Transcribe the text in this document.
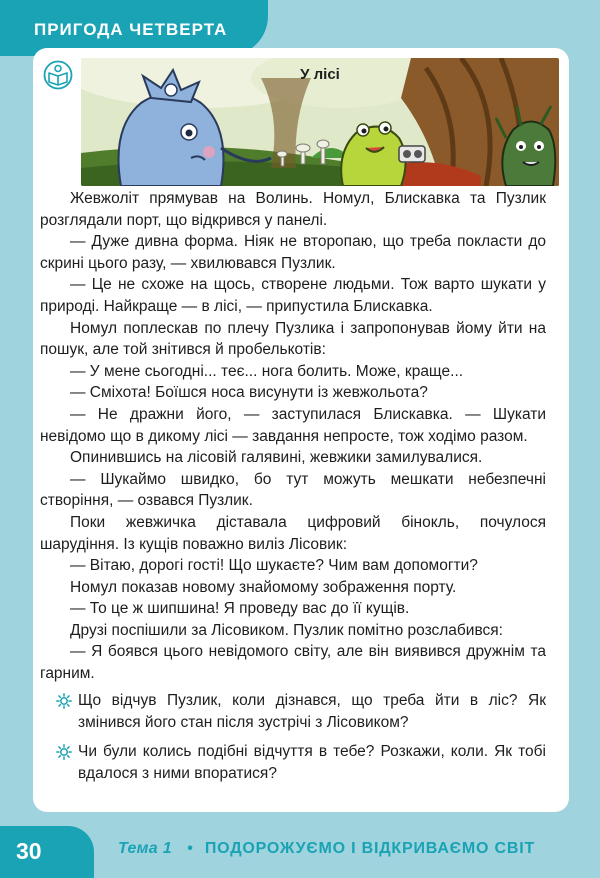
ПРИГОДА ЧЕТВЕРТА
У лісі

Жевжоліт прямував на Волинь. Номул, Блискавка та Пузлик розглядали порт, що відкрився у панелі.

— Дуже дивна форма. Ніяк не второпаю, що треба покласти до скрині цього разу, — хвилювався Пузлик.

— Це не схоже на щось, створене людьми. Тож варто шукати у природі. Найкраще — в лісі, — припустила Блискавка.

Номул поплескав по плечу Пузлика і запропонував йому йти на пошук, але той знітився й пробелькотів:

— У мене сьогодні... теє... нога болить. Може, краще...

— Сміхота! Боїшся носа висунути із жевжольота?

— Не дражни його, — заступилася Блискавка. — Шукати невідомо що в дикому лісі — завдання непросте, тож ходімо разом.

Опинившись на лісовій галявині, жевжики замилувалися.

— Шукаймо швидко, бо тут можуть мешкати небезпечні створіння, — озвався Пузлик.

Поки жевжичка діставала цифровий бінокль, почулося шарудіння. Із кущів поважно виліз Лісовик:

— Вітаю, дорогі гості! Що шукаєте? Чим вам допомогти?

Номул показав новому знайомому зображення порту.

— То це ж шипшина! Я проведу вас до її кущів.

Друзі поспішили за Лісовиком. Пузлик помітно розслабився:

— Я боявся цього невідомого світу, але він виявився дружнім та гарним.

Що відчув Пузлик, коли дізнався, що треба йти в ліс? Як змінився його стан після зустрічі з Лісовиком?
Чи були колись подібні відчуття в тебе? Розкажи, коли. Як тобі вдалося з ними впоратися?
30	Тема 1 • ПОДОРОЖУЄМО І ВІДКРИВАЄМО СВІТ
